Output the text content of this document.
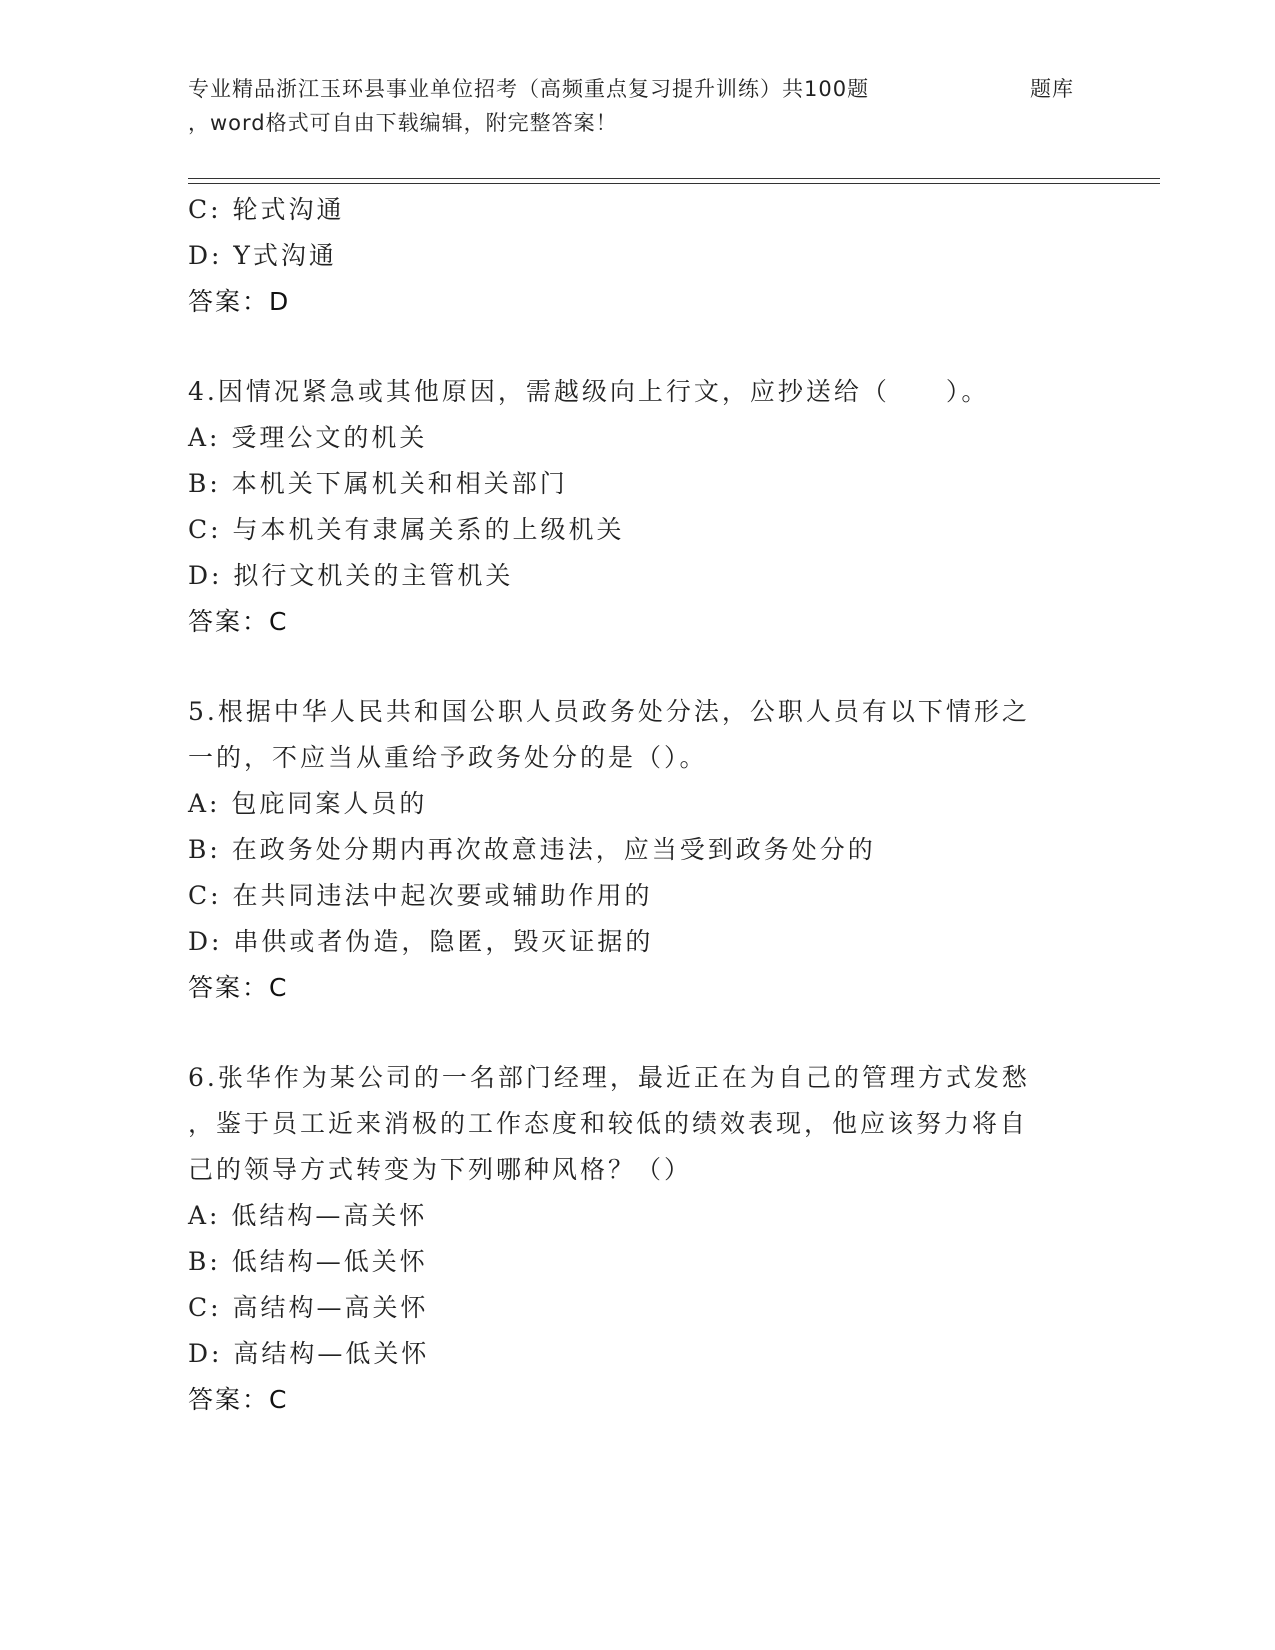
专业精品浙江玉环县事业单位招考（高频重点复习提升训练）共100题	题库
，word格式可自由下载编辑，附完整答案！
C: 轮式沟通
D: Y式沟通
答案：D
4.因情况紧急或其他原因，需越级向上行文，应抄送给（　　）。
A: 受理公文的机关
B: 本机关下属机关和相关部门
C: 与本机关有隶属关系的上级机关
D: 拟行文机关的主管机关
答案：C
5.根据中华人民共和国公职人员政务处分法，公职人员有以下情形之
一的，不应当从重给予政务处分的是（）。
A: 包庇同案人员的
B: 在政务处分期内再次故意违法，应当受到政务处分的
C: 在共同违法中起次要或辅助作用的
D: 串供或者伪造，隐匿，毁灭证据的
答案：C
6.张华作为某公司的一名部门经理，最近正在为自己的管理方式发愁
，鉴于员工近来消极的工作态度和较低的绩效表现，他应该努力将自
己的领导方式转变为下列哪种风格？（）
A: 低结构—高关怀
B: 低结构—低关怀
C: 高结构—高关怀
D: 高结构—低关怀
答案：C
